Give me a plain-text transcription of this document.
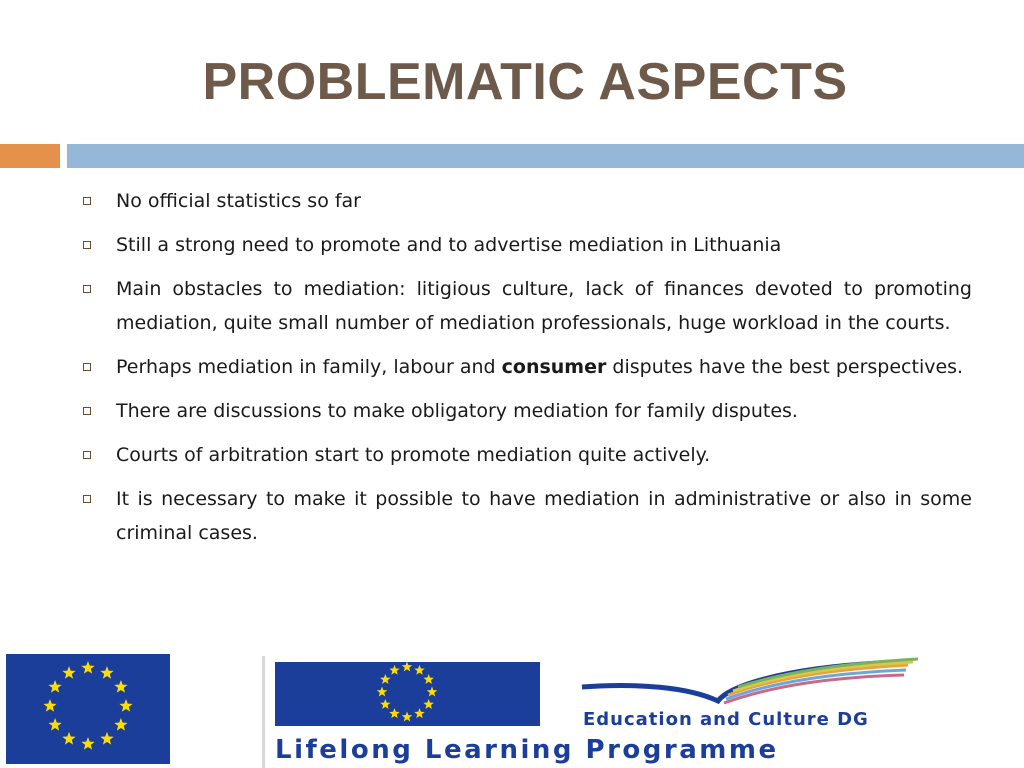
PROBLEMATIC ASPECTS
No official statistics so far
Still a strong need to promote and to advertise mediation in Lithuania
Main obstacles to mediation: litigious culture, lack of finances devoted to promoting mediation, quite small number of mediation professionals, huge workload in the courts.
Perhaps mediation in family, labour and consumer disputes have the best perspectives.
There are discussions to make obligatory mediation for family disputes.
Courts of arbitration start to promote mediation quite actively.
It is necessary to make it possible to have mediation in administrative or also in some criminal cases.
Education and Culture DG
Lifelong Learning Programme
